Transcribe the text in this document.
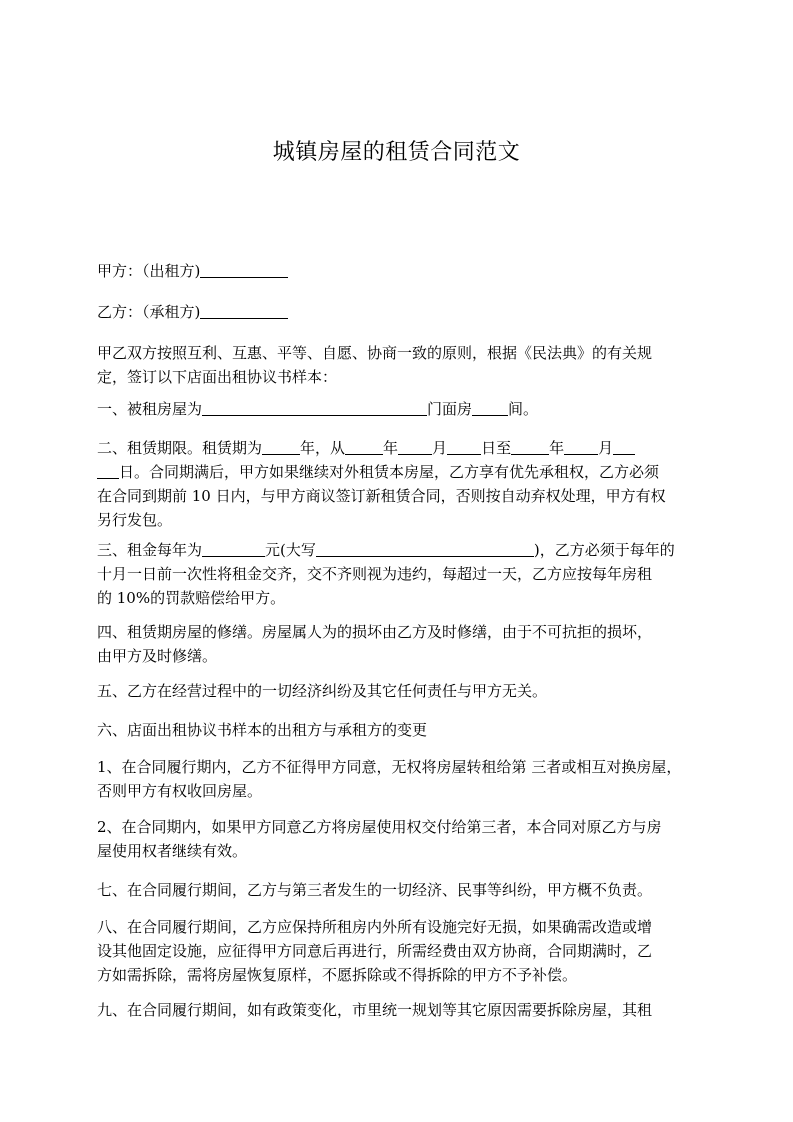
城镇房屋的租赁合同范文
甲方：（出租方)
乙方：（承租方)
甲乙双方按照互利、互惠、平等、自愿、协商一致的原则，根据《民法典》的有关规
定，签订以下店面出租协议书样本：
一、被租房屋为	门面房 间。
二、租赁期限。租赁期为	年，从	年 月 日至	年 月
日。合同期满后，甲方如果继续对外租赁本房屋，乙方享有优先承租权，乙方必须
在合同到期前 10 日内，与甲方商议签订新租赁合同，否则按自动弃权处理，甲方有权
另行发包。
三、租金每年为	元(大写	)，乙方必须于每年的
十月一日前一次性将租金交齐，交不齐则视为违约，每超过一天，乙方应按每年房租
的 10%的罚款赔偿给甲方。
四、租赁期房屋的修缮。房屋属人为的损坏由乙方及时修缮，由于不可抗拒的损坏，
由甲方及时修缮。
五、乙方在经营过程中的一切经济纠纷及其它任何责任与甲方无关。
六、店面出租协议书样本的出租方与承租方的变更
1、在合同履行期内，乙方不征得甲方同意，无权将房屋转租给第 三者或相互对换房屋，
否则甲方有权收回房屋。
2、在合同期内，如果甲方同意乙方将房屋使用权交付给第三者，本合同对原乙方与房
屋使用权者继续有效。
七、在合同履行期间，乙方与第三者发生的一切经济、民事等纠纷，甲方概不负责。
八、在合同履行期间，乙方应保持所租房内外所有设施完好无损，如果确需改造或增
设其他固定设施，应征得甲方同意后再进行，所需经费由双方协商，合同期满时，乙
方如需拆除，需将房屋恢复原样，不愿拆除或不得拆除的甲方不予补偿。
九、在合同履行期间，如有政策变化，市里统一规划等其它原因需要拆除房屋，其租
